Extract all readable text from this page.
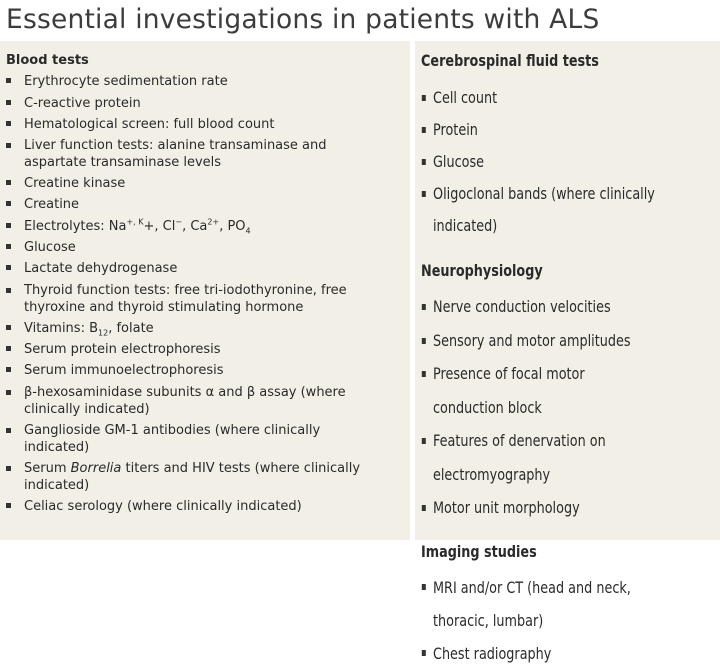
Essential investigations in patients with ALS
Blood tests
Erythrocyte sedimentation rate
C-reactive protein
Hematological screen: full blood count
Liver function tests: alanine transaminase and
aspartate transaminase levels
Creatine kinase
Creatine
Electrolytes: $Na^{+, K}+$, Cl−, $Ca^{2+}$, $PO_4$
Glucose
Lactate dehydrogenase
Thyroid function tests: free tri-iodothyronine, free
thyroxine and thyroid stimulating hormone
Vitamins: $B_{12}$, folate
Serum protein electrophoresis
Serum immunoelectrophoresis
β-hexosaminidase subunits α and β assay (where
clinically indicated)
Ganglioside GM-1 antibodies (where clinically
indicated)
Serum Borrelia titers and HIV tests (where clinically
indicated)
Celiac serology (where clinically indicated)
Cerebrospinal fluid tests
Cell count
Protein
Glucose
Oligoclonal bands (where clinically indicated)
Neurophysiology
Nerve conduction velocities
Sensory and motor amplitudes
Presence of focal motor conduction block
Features of denervation on electromyography
Motor unit morphology
Imaging studies
MRI and/or CT (head and neck, thoracic, lumbar)
Chest radiography
